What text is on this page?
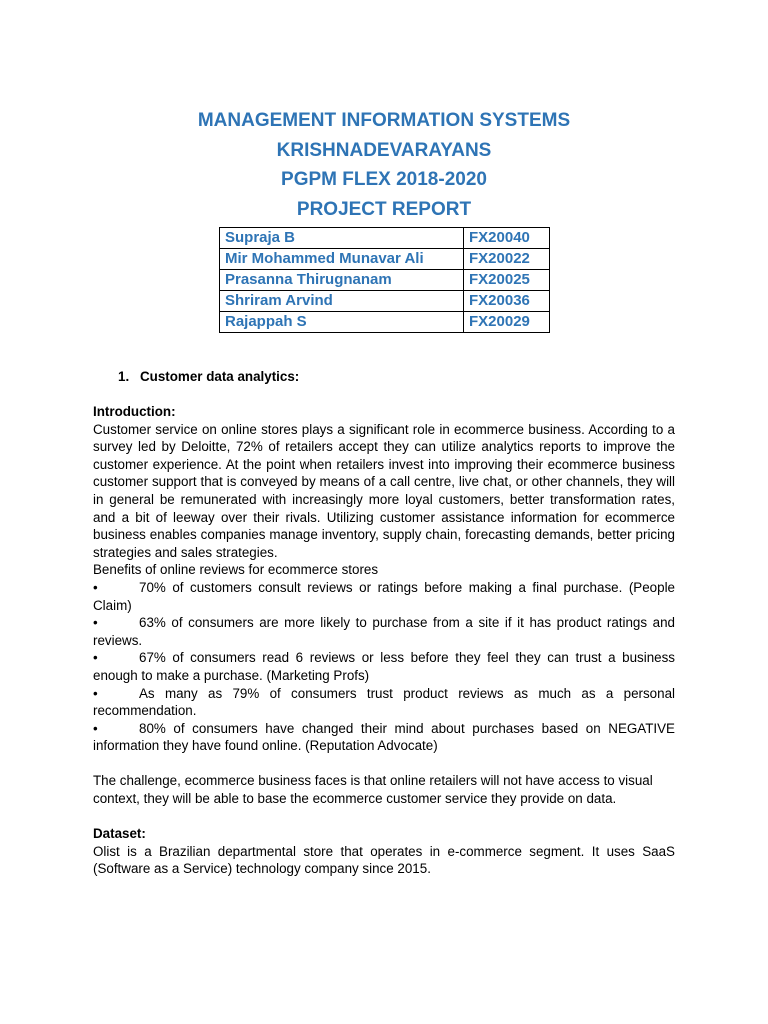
MANAGEMENT INFORMATION SYSTEMS
KRISHNADEVARAYANS
PGPM FLEX 2018-2020
PROJECT REPORT
Supraja B	FX20040
Mir Mohammed Munavar Ali	FX20022
Prasanna Thirugnanam	FX20025
Shriram Arvind	FX20036
Rajappah S	FX20029
1. Customer data analytics:

Introduction:

Customer service on online stores plays a significant role in ecommerce business. According to a survey led by Deloitte, 72% of retailers accept they can utilize analytics reports to improve the customer experience. At the point when retailers invest into improving their ecommerce business customer support that is conveyed by means of a call centre, live chat, or other channels, they will in general be remunerated with increasingly more loyal customers, better transformation rates, and a bit of leeway over their rivals. Utilizing customer assistance information for ecommerce business enables companies manage inventory, supply chain, forecasting demands, better pricing strategies and sales strategies.

Benefits of online reviews for ecommerce stores

•	70% of customers consult reviews or ratings before making a final purchase. (People Claim)

•	63% of consumers are more likely to purchase from a site if it has product ratings and reviews.

•	67% of consumers read 6 reviews or less before they feel they can trust a business enough to make a purchase. (Marketing Profs)

•	As many as 79% of consumers trust product reviews as much as a personal recommendation.

•	80% of consumers have changed their mind about purchases based on NEGATIVE information they have found online. (Reputation Advocate)

The challenge, ecommerce business faces is that online retailers will not have access to visual context, they will be able to base the ecommerce customer service they provide on data.

Dataset:

Olist is a Brazilian departmental store that operates in e-commerce segment. It uses SaaS (Software as a Service) technology company since 2015.
